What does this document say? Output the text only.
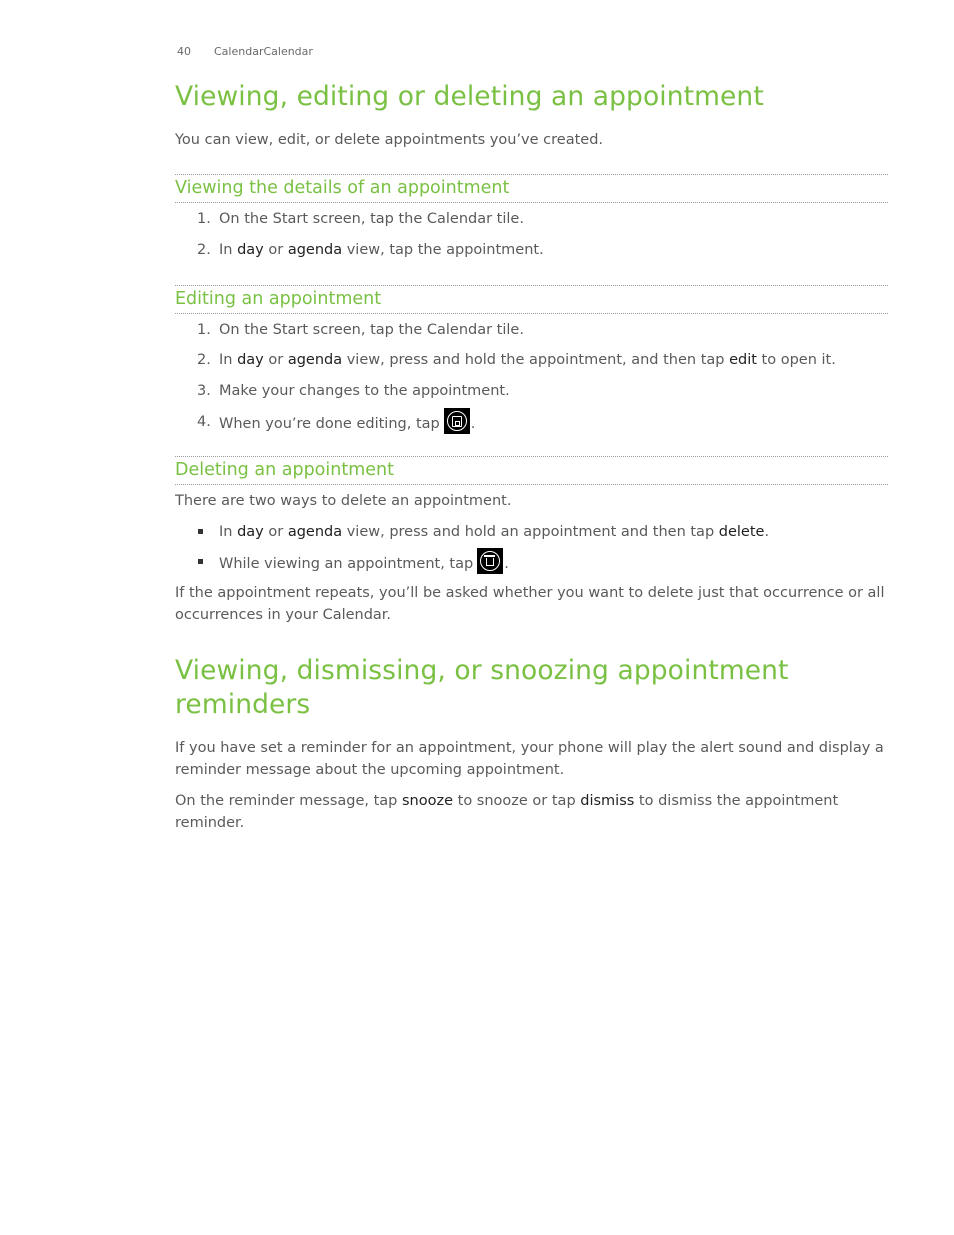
40 CalendarCalendar
Viewing, editing or deleting an appointment

You can view, edit, or delete appointments you’ve created.

Viewing the details of an appointment
1. On the Start screen, tap the Calendar tile.
2. In day or agenda view, tap the appointment.
Editing an appointment
1. On the Start screen, tap the Calendar tile.
2. In day or agenda view, press and hold the appointment, and then tap edit to open it.
3. Make your changes to the appointment.
4. When you’re done editing, tap .
Deleting an appointment

There are two ways to delete an appointment.

In day or agenda view, press and hold an appointment and then tap delete.
While viewing an appointment, tap .

If the appointment repeats, you’ll be asked whether you want to delete just that occurrence or all occurrences in your Calendar.

Viewing, dismissing, or snoozing appointment reminders

If you have set a reminder for an appointment, your phone will play the alert sound and display a reminder message about the upcoming appointment.

On the reminder message, tap snooze to snooze or tap dismiss to dismiss the appointment reminder.
